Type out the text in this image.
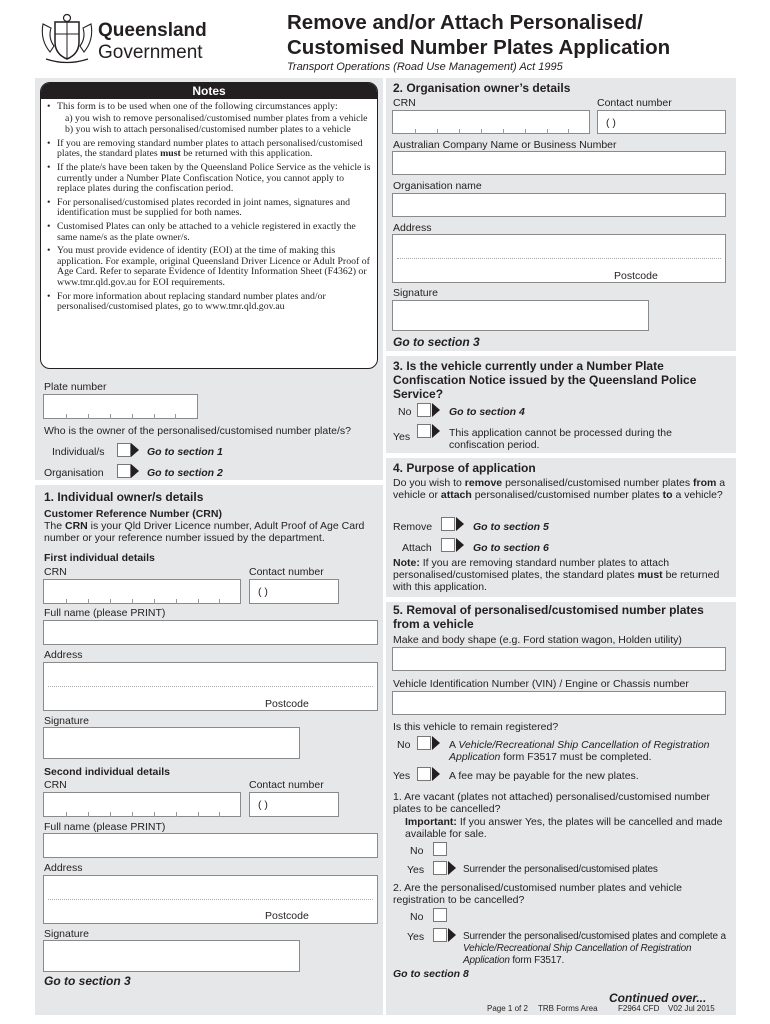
Queensland
Government
Remove and/or Attach Personalised/
Customised Number Plates Application
Transport Operations (Road Use Management) Act 1995
Notes
• This form is to be used when one of the following circumstances apply:
a) you wish to remove personalised/customised number plates from a vehicle
b) you wish to attach personalised/customised number plates to a vehicle
• If you are removing standard number plates to attach personalised/customised plates, the standard plates must be returned with this application.
• If the plate/s have been taken by the Queensland Police Service as the vehicle is currently under a Number Plate Confiscation Notice, you cannot apply to replace plates during the confiscation period.
• For personalised/customised plates recorded in joint names, signatures and identification must be supplied for both names.
• Customised Plates can only be attached to a vehicle registered in exactly the same name/s as the plate owner/s.
• You must provide evidence of identity (EOI) at the time of making this application. For example, original Queensland Driver Licence or Adult Proof of Age Card. Refer to separate Evidence of Identity Information Sheet (F4362) or www.tmr.qld.gov.au for EOI requirements.
• For more information about replacing standard number plates and/or personalised/customised plates, go to www.tmr.qld.gov.au
Plate number
Who is the owner of the personalised/customised number plate/s?
Individual/s	Go to section 1
Organisation	Go to section 2
1. Individual owner/s details
Customer Reference Number (CRN)
The CRN is your Qld Driver Licence number, Adult Proof of Age Card number or your reference number issued by the department.
First individual details
CRN	Contact number
( )
Full name (please PRINT)
Address
Postcode
Signature
Second individual details
CRN	Contact number
( )
Full name (please PRINT)
Address
Postcode
Signature
Go to section 3
2. Organisation owner’s details
CRN	Contact number
( )
Australian Company Name or Business Number
Organisation name
Address
Postcode
Signature
Go to section 3
3. Is the vehicle currently under a Number Plate Confiscation Notice issued by the Queensland Police Service?
No	Go to section 4
Yes	This application cannot be processed during the confiscation period.
4. Purpose of application
Do you wish to remove personalised/customised number plates from a vehicle or attach personalised/customised number plates to a vehicle?
Remove	Go to section 5
Attach	Go to section 6
Note: If you are removing standard number plates to attach personalised/customised plates, the standard plates must be returned with this application.
5. Removal of personalised/customised number plates from a vehicle
Make and body shape (e.g. Ford station wagon, Holden utility)
Vehicle Identification Number (VIN) / Engine or Chassis number
Is this vehicle to remain registered?
No	A Vehicle/Recreational Ship Cancellation of Registration Application form F3517 must be completed.
Yes	A fee may be payable for the new plates.
1. Are vacant (plates not attached) personalised/customised number plates to be cancelled?
Important: If you answer Yes, the plates will be cancelled and made available for sale.
No
Yes	Surrender the personalised/customised plates
2. Are the personalised/customised number plates and vehicle registration to be cancelled?
No
Yes	Surrender the personalised/customised plates and complete a Vehicle/Recreational Ship Cancellation of Registration Application form F3517.
Go to section 8
Continued over...
Page 1 of 2 TRB Forms Area	F2964 CFD V02 Jul 2015
